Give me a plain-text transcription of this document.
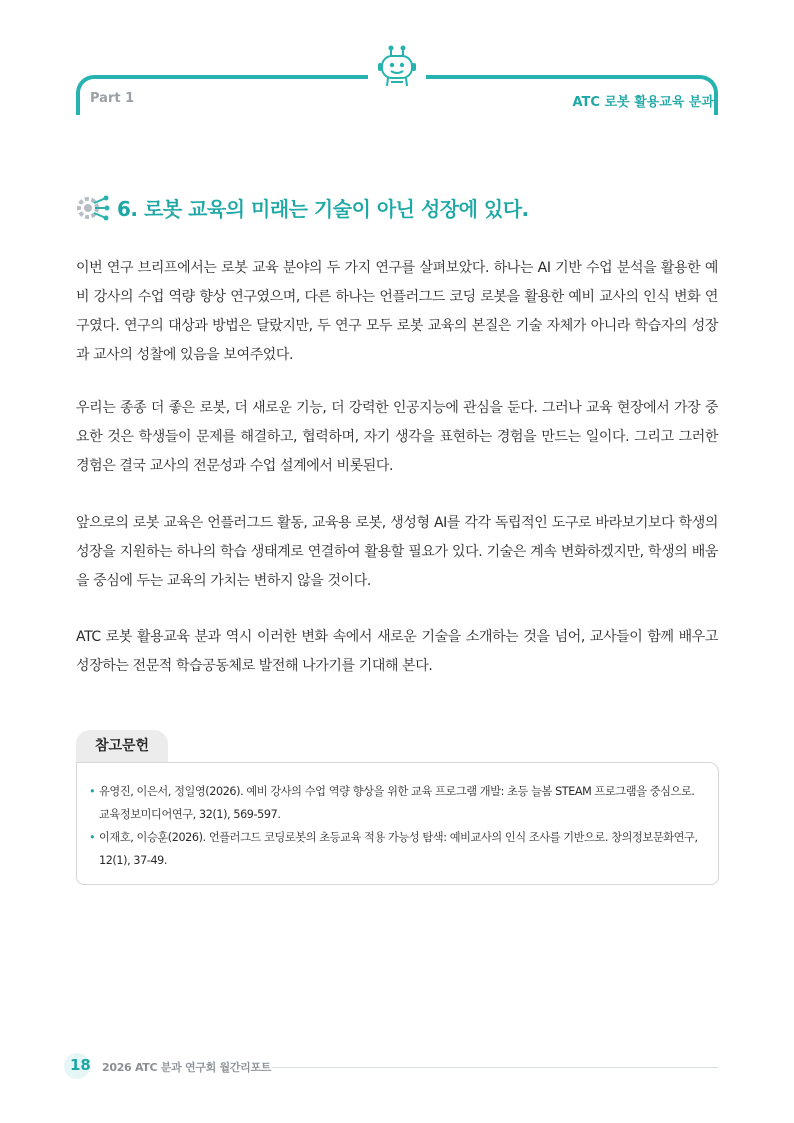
Part 1	ATC 로봇 활용교육 분과
6. 로봇 교육의 미래는 기술이 아닌 성장에 있다.

이번 연구 브리프에서는 로봇 교육 분야의 두 가지 연구를 살펴보았다. 하나는 AI 기반 수업 분석을 활용한 예비 강사의 수업 역량 향상 연구였으며, 다른 하나는 언플러그드 코딩 로봇을 활용한 예비 교사의 인식 변화 연구였다. 연구의 대상과 방법은 달랐지만, 두 연구 모두 로봇 교육의 본질은 기술 자체가 아니라 학습자의 성장과 교사의 성찰에 있음을 보여주었다.

우리는 종종 더 좋은 로봇, 더 새로운 기능, 더 강력한 인공지능에 관심을 둔다. 그러나 교육 현장에서 가장 중요한 것은 학생들이 문제를 해결하고, 협력하며, 자기 생각을 표현하는 경험을 만드는 일이다. 그리고 그러한 경험은 결국 교사의 전문성과 수업 설계에서 비롯된다.

앞으로의 로봇 교육은 언플러그드 활동, 교육용 로봇, 생성형 AI를 각각 독립적인 도구로 바라보기보다 학생의 성장을 지원하는 하나의 학습 생태계로 연결하여 활용할 필요가 있다. 기술은 계속 변화하겠지만, 학생의 배움을 중심에 두는 교육의 가치는 변하지 않을 것이다.

ATC 로봇 활용교육 분과 역시 이러한 변화 속에서 새로운 기술을 소개하는 것을 넘어, 교사들이 함께 배우고 성장하는 전문적 학습공동체로 발전해 나가기를 기대해 본다.

참고문헌
• 유영진, 이은서, 정일영(2026). 예비 강사의 수업 역량 향상을 위한 교육 프로그램 개발: 초등 늘봄 STEAM 프로그램을 중심으로. 교육정보미디어연구, 32(1), 569-597.
• 이재호, 이승훈(2026). 언플러그드 코딩로봇의 초등교육 적용 가능성 탐색: 예비교사의 인식 조사를 기반으로. 창의정보문화연구, 12(1), 37-49.
18 2026 ATC 분과 연구회 월간리포트
